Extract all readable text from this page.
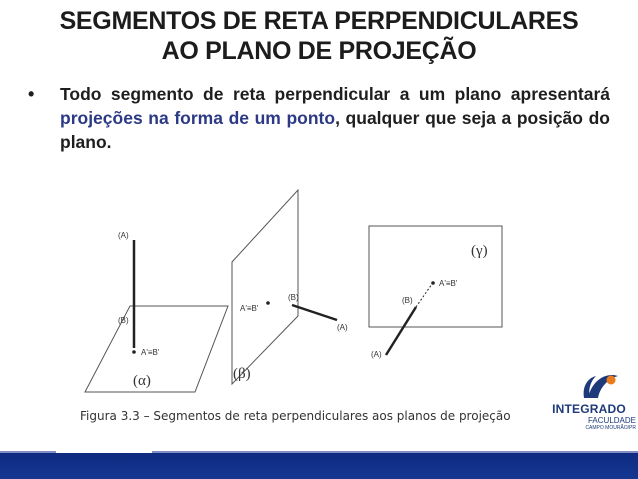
SEGMENTOS DE RETA PERPENDICULARES
AO PLANO DE PROJEÇÃO
• Todo segmento de reta perpendicular a um plano apresentará projeções na forma de um ponto, qualquer que seja a posição do plano.
(A)
(B)
A'≡B'
(α)
(B)
(A)
A'≡B'
(β)
(A)
(B)
A'≡B'
(γ)
Figura 3.3 – Segmentos de reta perpendiculares aos planos de projeção	INTEGRADO
FACULDADE
CAMPO MOURÃO/PR
